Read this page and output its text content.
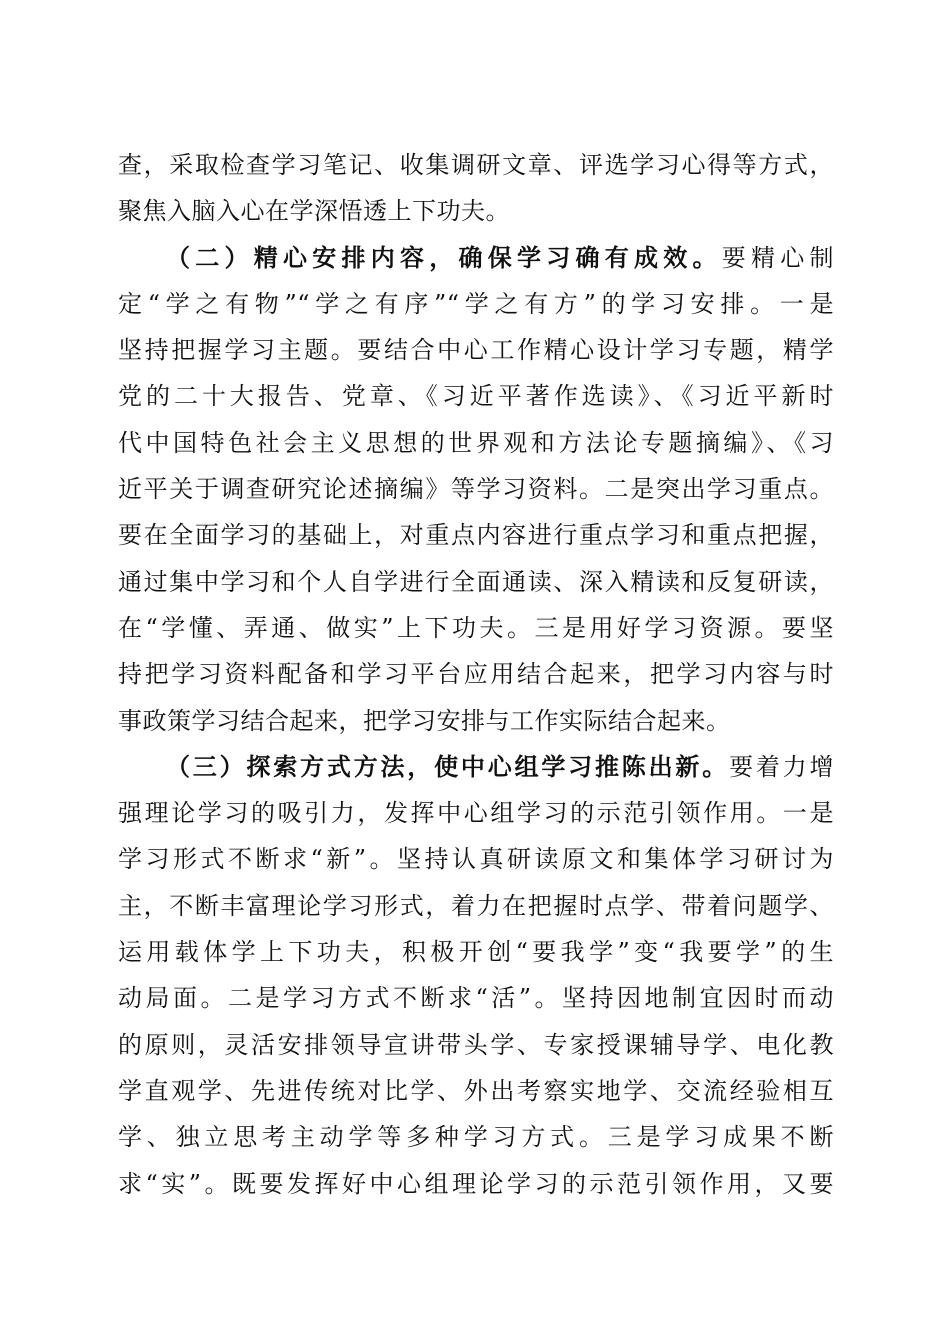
查，采取检查学习笔记、收集调研文章、评选学习心得等方式，
聚焦入脑入心在学深悟透上下功夫。
（二）精心安排内容，确保学习确有成效。要精心制
定“学之有物”“学之有序”“学之有方”的学习安排。一是
坚持把握学习主题。要结合中心工作精心设计学习专题，精学
党的二十大报告、党章、《习近平著作选读》、《习近平新时
代中国特色社会主义思想的世界观和方法论专题摘编》、《习
近平关于调查研究论述摘编》等学习资料。二是突出学习重点。
要在全面学习的基础上，对重点内容进行重点学习和重点把握，
通过集中学习和个人自学进行全面通读、深入精读和反复研读，
在“学懂、弄通、做实”上下功夫。三是用好学习资源。要坚
持把学习资料配备和学习平台应用结合起来，把学习内容与时
事政策学习结合起来，把学习安排与工作实际结合起来。
（三）探索方式方法，使中心组学习推陈出新。要着力增
强理论学习的吸引力，发挥中心组学习的示范引领作用。一是
学习形式不断求“新”。坚持认真研读原文和集体学习研讨为
主，不断丰富理论学习形式，着力在把握时点学、带着问题学、
运用载体学上下功夫，积极开创“要我学”变“我要学”的生
动局面。二是学习方式不断求“活”。坚持因地制宜因时而动
的原则，灵活安排领导宣讲带头学、专家授课辅导学、电化教
学直观学、先进传统对比学、外出考察实地学、交流经验相互
学、独立思考主动学等多种学习方式。三是学习成果不断
求“实”。既要发挥好中心组理论学习的示范引领作用，又要
